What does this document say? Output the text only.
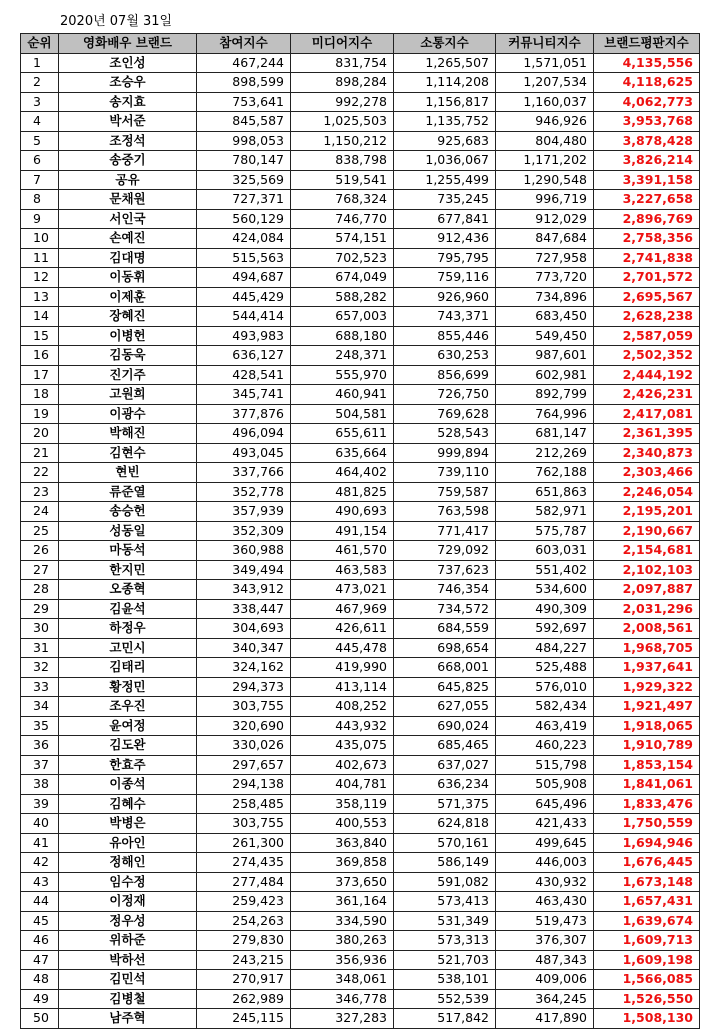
2020년 07월 31일
순위	영화배우 브랜드	참여지수	미디어지수	소통지수	커뮤니티지수	브랜드평판지수
1	조인성	467,244	831,754	1,265,507	1,571,051	4,135,556
2	조승우	898,599	898,284	1,114,208	1,207,534	4,118,625
3	송지효	753,641	992,278	1,156,817	1,160,037	4,062,773
4	박서준	845,587	1,025,503	1,135,752	946,926	3,953,768
5	조정석	998,053	1,150,212	925,683	804,480	3,878,428
6	송중기	780,147	838,798	1,036,067	1,171,202	3,826,214
7	공유	325,569	519,541	1,255,499	1,290,548	3,391,158
8	문채원	727,371	768,324	735,245	996,719	3,227,658
9	서인국	560,129	746,770	677,841	912,029	2,896,769
10	손예진	424,084	574,151	912,436	847,684	2,758,356
11	김대명	515,563	702,523	795,795	727,958	2,741,838
12	이동휘	494,687	674,049	759,116	773,720	2,701,572
13	이제훈	445,429	588,282	926,960	734,896	2,695,567
14	장혜진	544,414	657,003	743,371	683,450	2,628,238
15	이병헌	493,983	688,180	855,446	549,450	2,587,059
16	김동욱	636,127	248,371	630,253	987,601	2,502,352
17	진기주	428,541	555,970	856,699	602,981	2,444,192
18	고원희	345,741	460,941	726,750	892,799	2,426,231
19	이광수	377,876	504,581	769,628	764,996	2,417,081
20	박해진	496,094	655,611	528,543	681,147	2,361,395
21	김현수	493,045	635,664	999,894	212,269	2,340,873
22	현빈	337,766	464,402	739,110	762,188	2,303,466
23	류준열	352,778	481,825	759,587	651,863	2,246,054
24	송승헌	357,939	490,693	763,598	582,971	2,195,201
25	성동일	352,309	491,154	771,417	575,787	2,190,667
26	마동석	360,988	461,570	729,092	603,031	2,154,681
27	한지민	349,494	463,583	737,623	551,402	2,102,103
28	오종혁	343,912	473,021	746,354	534,600	2,097,887
29	김윤석	338,447	467,969	734,572	490,309	2,031,296
30	하정우	304,693	426,611	684,559	592,697	2,008,561
31	고민시	340,347	445,478	698,654	484,227	1,968,705
32	김태리	324,162	419,990	668,001	525,488	1,937,641
33	황정민	294,373	413,114	645,825	576,010	1,929,322
34	조우진	303,755	408,252	627,055	582,434	1,921,497
35	윤여정	320,690	443,932	690,024	463,419	1,918,065
36	김도완	330,026	435,075	685,465	460,223	1,910,789
37	한효주	297,657	402,673	637,027	515,798	1,853,154
38	이종석	294,138	404,781	636,234	505,908	1,841,061
39	김혜수	258,485	358,119	571,375	645,496	1,833,476
40	박병은	303,755	400,553	624,818	421,433	1,750,559
41	유아인	261,300	363,840	570,161	499,645	1,694,946
42	정해인	274,435	369,858	586,149	446,003	1,676,445
43	임수정	277,484	373,650	591,082	430,932	1,673,148
44	이정재	259,423	361,164	573,413	463,430	1,657,431
45	정우성	254,263	334,590	531,349	519,473	1,639,674
46	위하준	279,830	380,263	573,313	376,307	1,609,713
47	박하선	243,215	356,936	521,703	487,343	1,609,198
48	김민석	270,917	348,061	538,101	409,006	1,566,085
49	김병철	262,989	346,778	552,539	364,245	1,526,550
50	남주혁	245,115	327,283	517,842	417,890	1,508,130
